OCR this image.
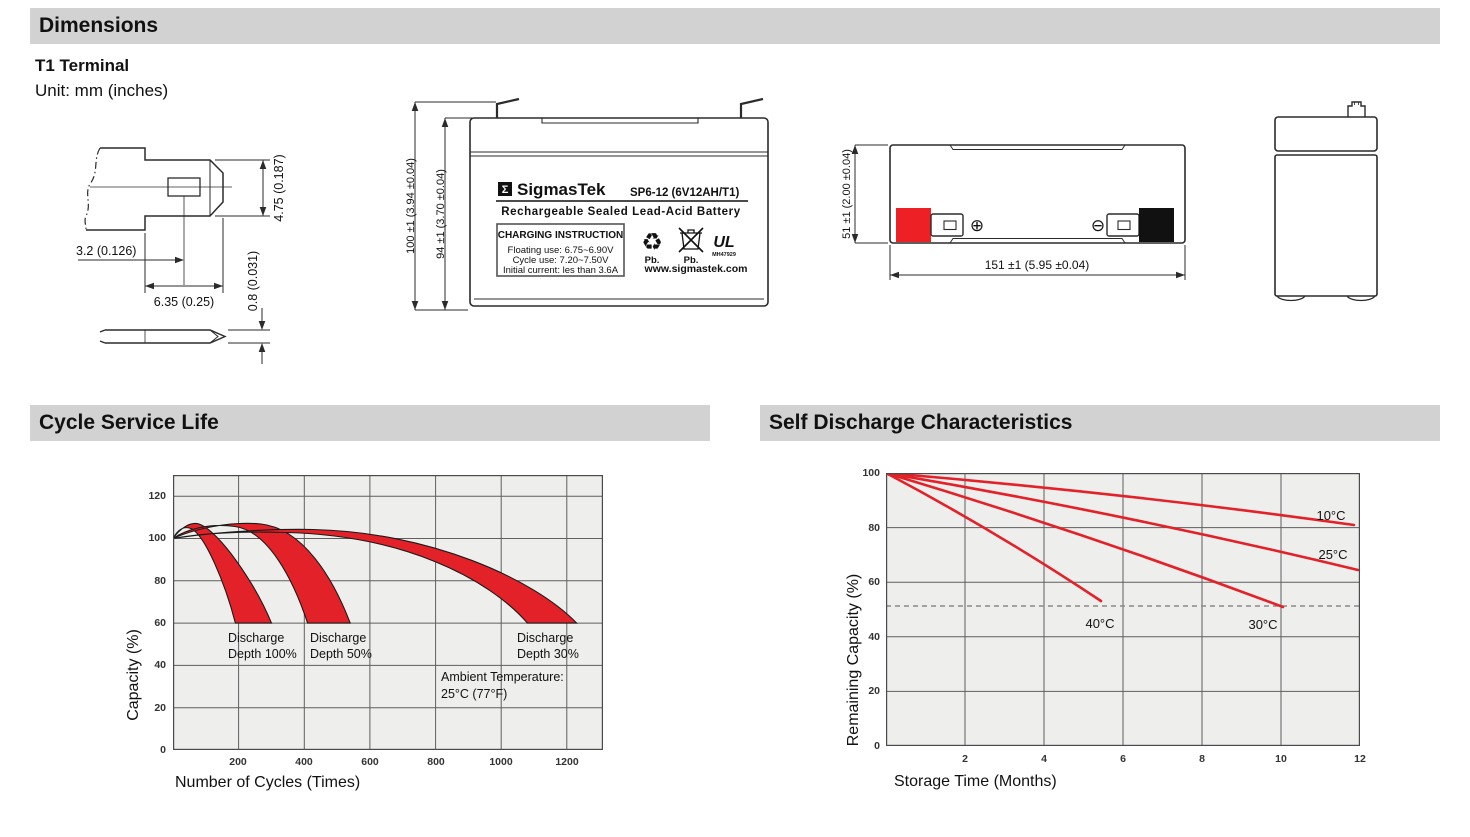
Dimensions
T1 Terminal
Unit: mm (inches)
3.2 (0.126)
6.35 (0.25)
4.75 (0.187)
0.8 (0.031)
100 ±1 (3.94 ±0.04) 94 ±1 (3.70 ±0.04)	Σ SigmasTek SP6-12 (6V12AH/T1)
Rechargeable Sealed Lead-Acid Battery
CHARGING INSTRUCTION
Floating use: 6.75~6.90V
Cycle use: 7.20~7.50V
Initial current: les than 3.6A
♻
Pb.	Pb.
UL
MH47929
www.sigmastek.com
⊕	⊖
51 ±1 (2.00 ±0.04)
151 ±1 (5.95 ±0.04)
Cycle Service Life	Self Discharge Characteristics
Capacity (%)	Discharge
Depth 100%
Discharge
Depth 50%
Discharge
Depth 30%
Ambient Temperature:
25°C (77°F)
120
100
80
60
40
20
0
200	400	600	800	1000	1200
Number of Cycles (Times)
Remaining Capacity (%)
10°C
25°C
30°C
40°C
100
80
60
40
20
0
2	4	6	8	10	12
Storage Time (Months)
